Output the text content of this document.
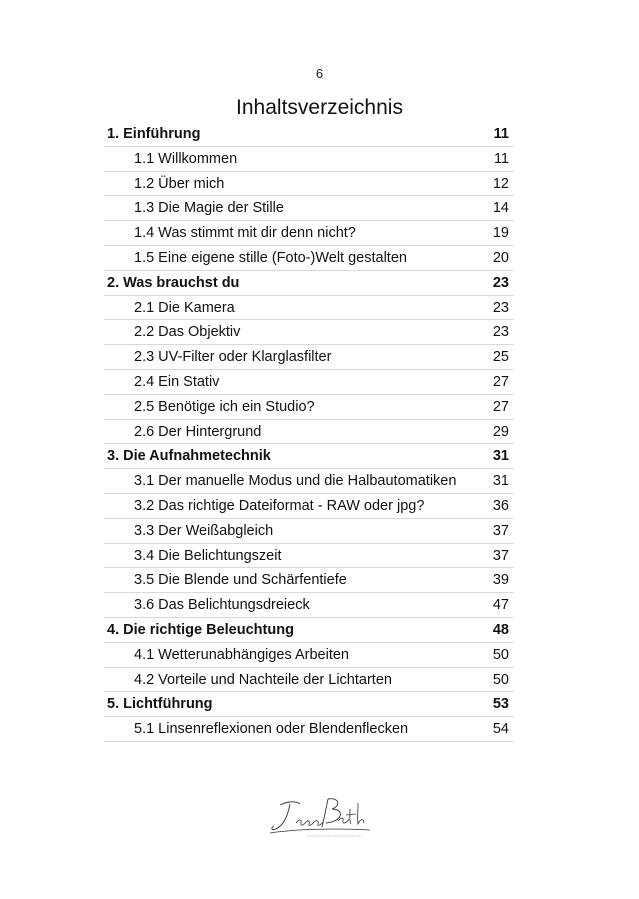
6
Inhaltsverzeichnis
1. Einführung	11
1.1 Willkommen	11
1.2 Über mich	12
1.3 Die Magie der Stille	14
1.4 Was stimmt mit dir denn nicht?	19
1.5 Eine eigene stille (Foto-)Welt gestalten	20
2. Was brauchst du	23
2.1 Die Kamera	23
2.2 Das Objektiv	23
2.3 UV-Filter oder Klarglasfilter	25
2.4 Ein Stativ	27
2.5 Benötige ich ein Studio?	27
2.6 Der Hintergrund	29
3. Die Aufnahmetechnik	31
3.1 Der manuelle Modus und die Halbautomatiken	31
3.2 Das richtige Dateiformat - RAW oder jpg?	36
3.3 Der Weißabgleich	37
3.4 Die Belichtungszeit	37
3.5 Die Blende und Schärfentiefe	39
3.6 Das Belichtungsdreieck	47
4. Die richtige Beleuchtung	48
4.1 Wetterunabhängiges Arbeiten	50
4.2 Vorteile und Nachteile der Lichtarten	50
5. Lichtführung	53
5.1 Linsenreflexionen oder Blendenflecken	54
